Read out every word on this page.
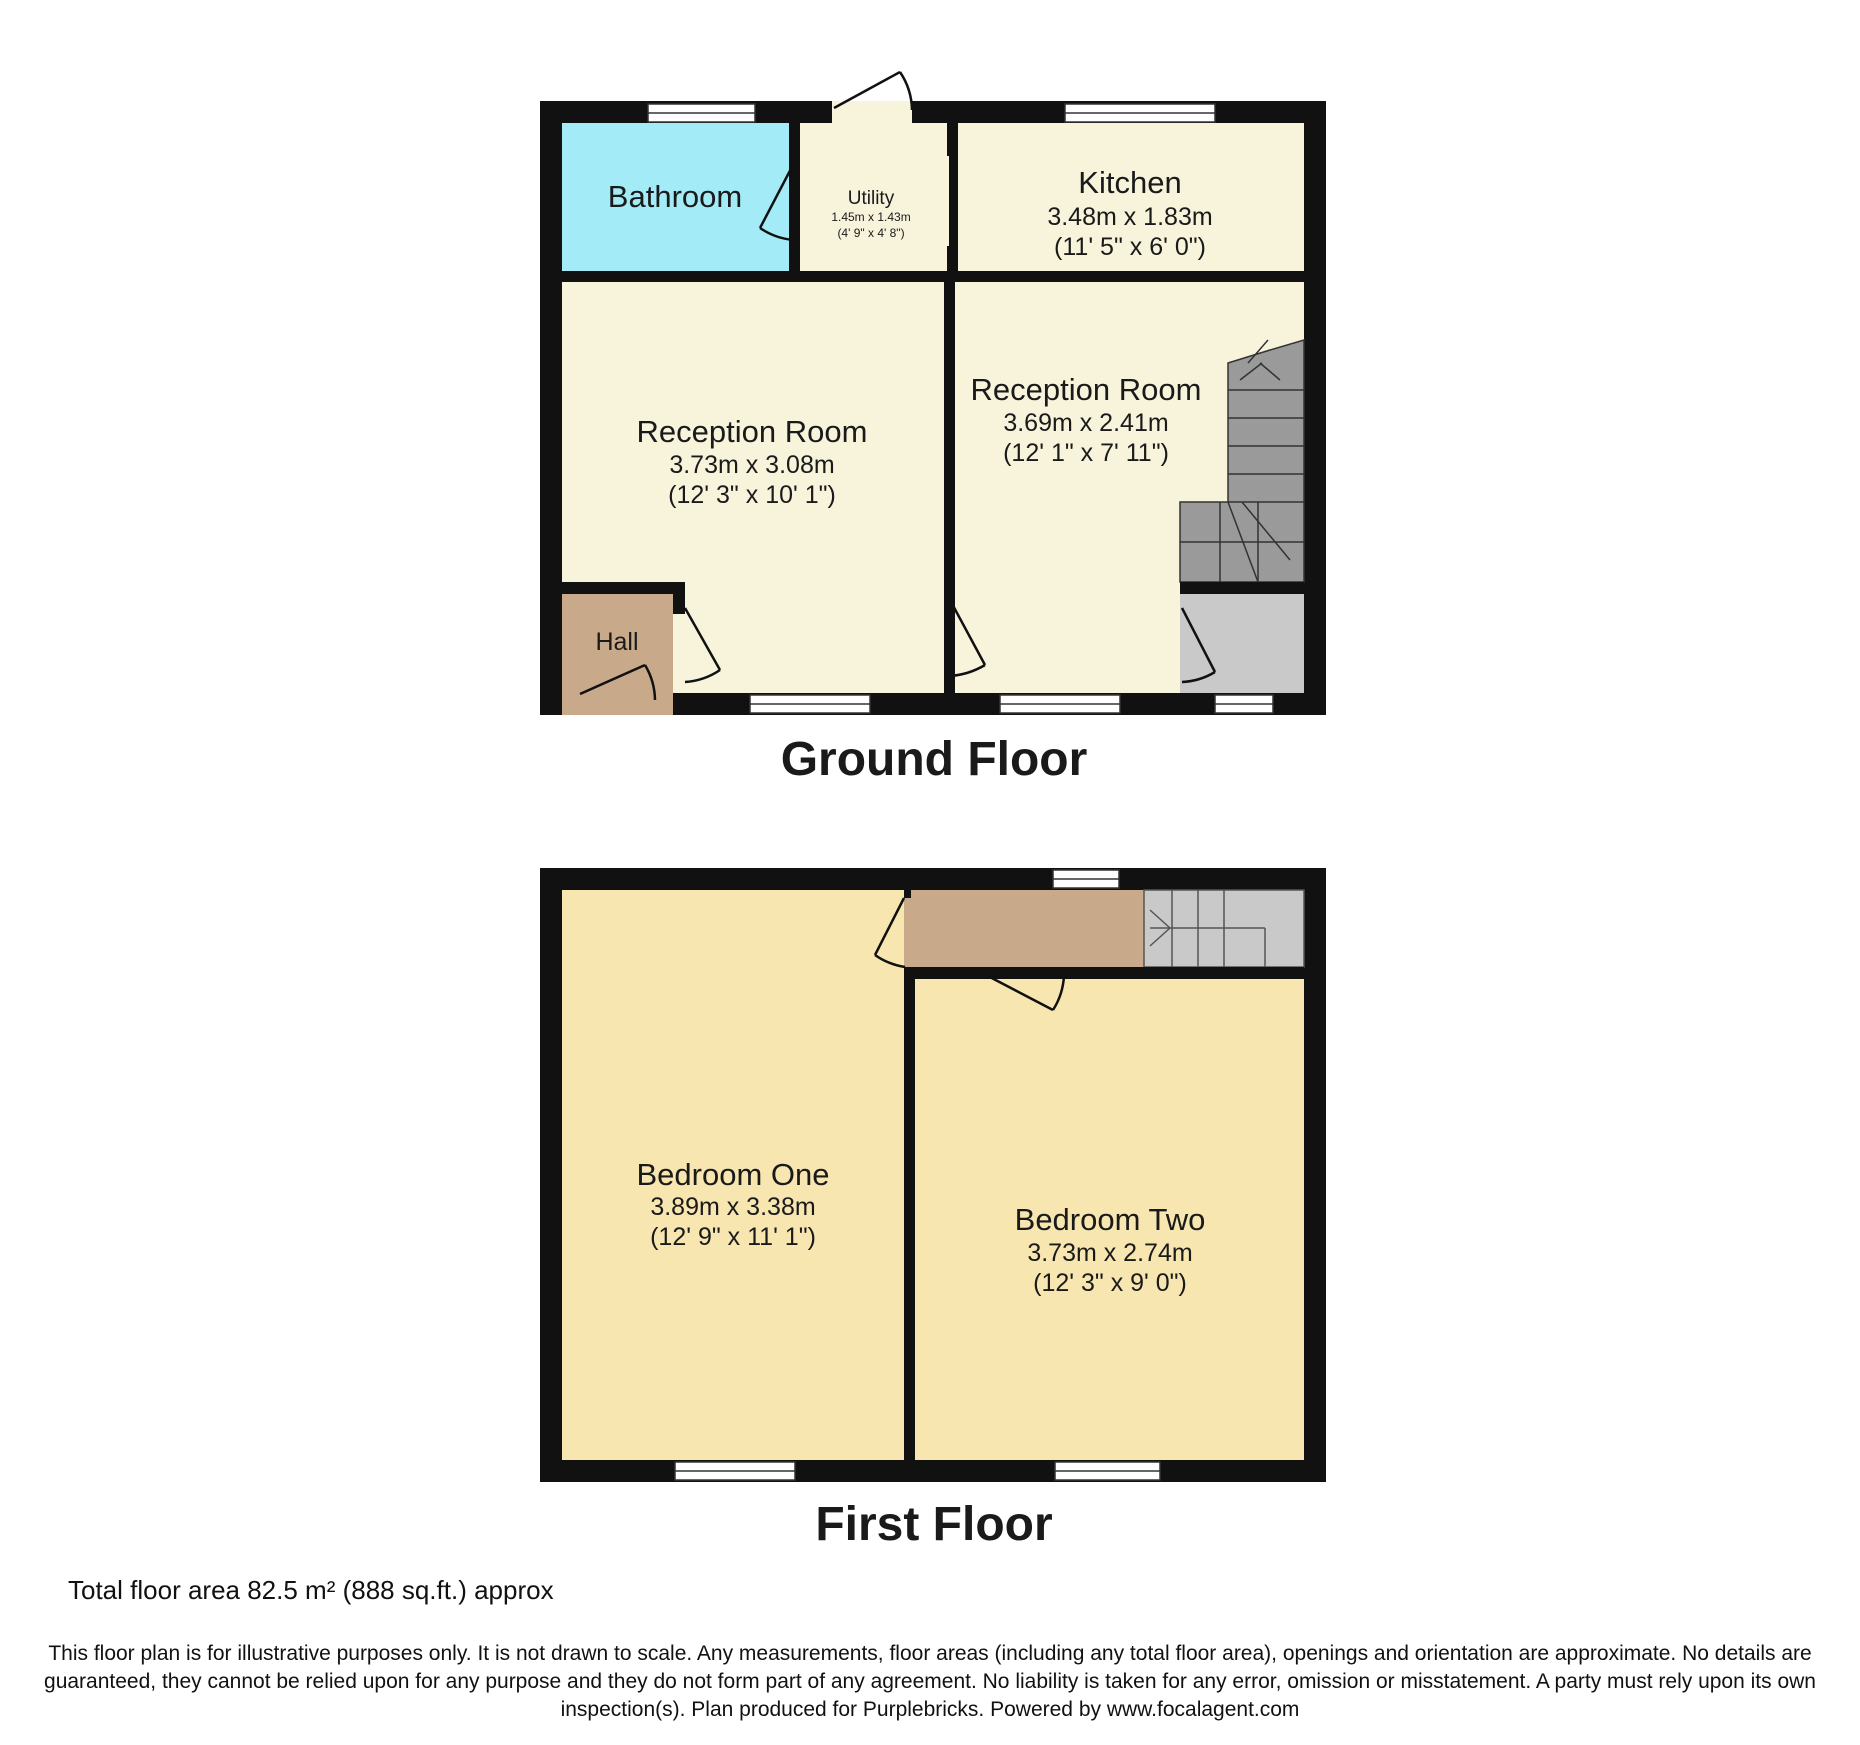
Bathroom	Utility
1.45m x 1.43m
(4' 9" x 4' 8")
Kitchen
3.48m x 1.83m
(11' 5" x 6' 0")
Reception Room
3.73m x 3.08m
(12' 3" x 10' 1")
Reception Room
3.69m x 2.41m
(12' 1" x 7' 11")
Hall
Ground Floor
Bedroom One
3.89m x 3.38m
(12' 9" x 11' 1")	Bedroom Two
3.73m x 2.74m
(12' 3" x 9' 0")
First Floor
Total floor area 82.5 m² (888 sq.ft.) approx
This floor plan is for illustrative purposes only. It is not drawn to scale. Any measurements, floor areas (including any total floor area), openings and orientation are approximate. No details are guaranteed, they cannot be relied upon for any purpose and they do not form part of any agreement. No liability is taken for any error, omission or misstatement. A party must rely upon its own inspection(s). Plan produced for Purplebricks. Powered by www.focalagent.com
